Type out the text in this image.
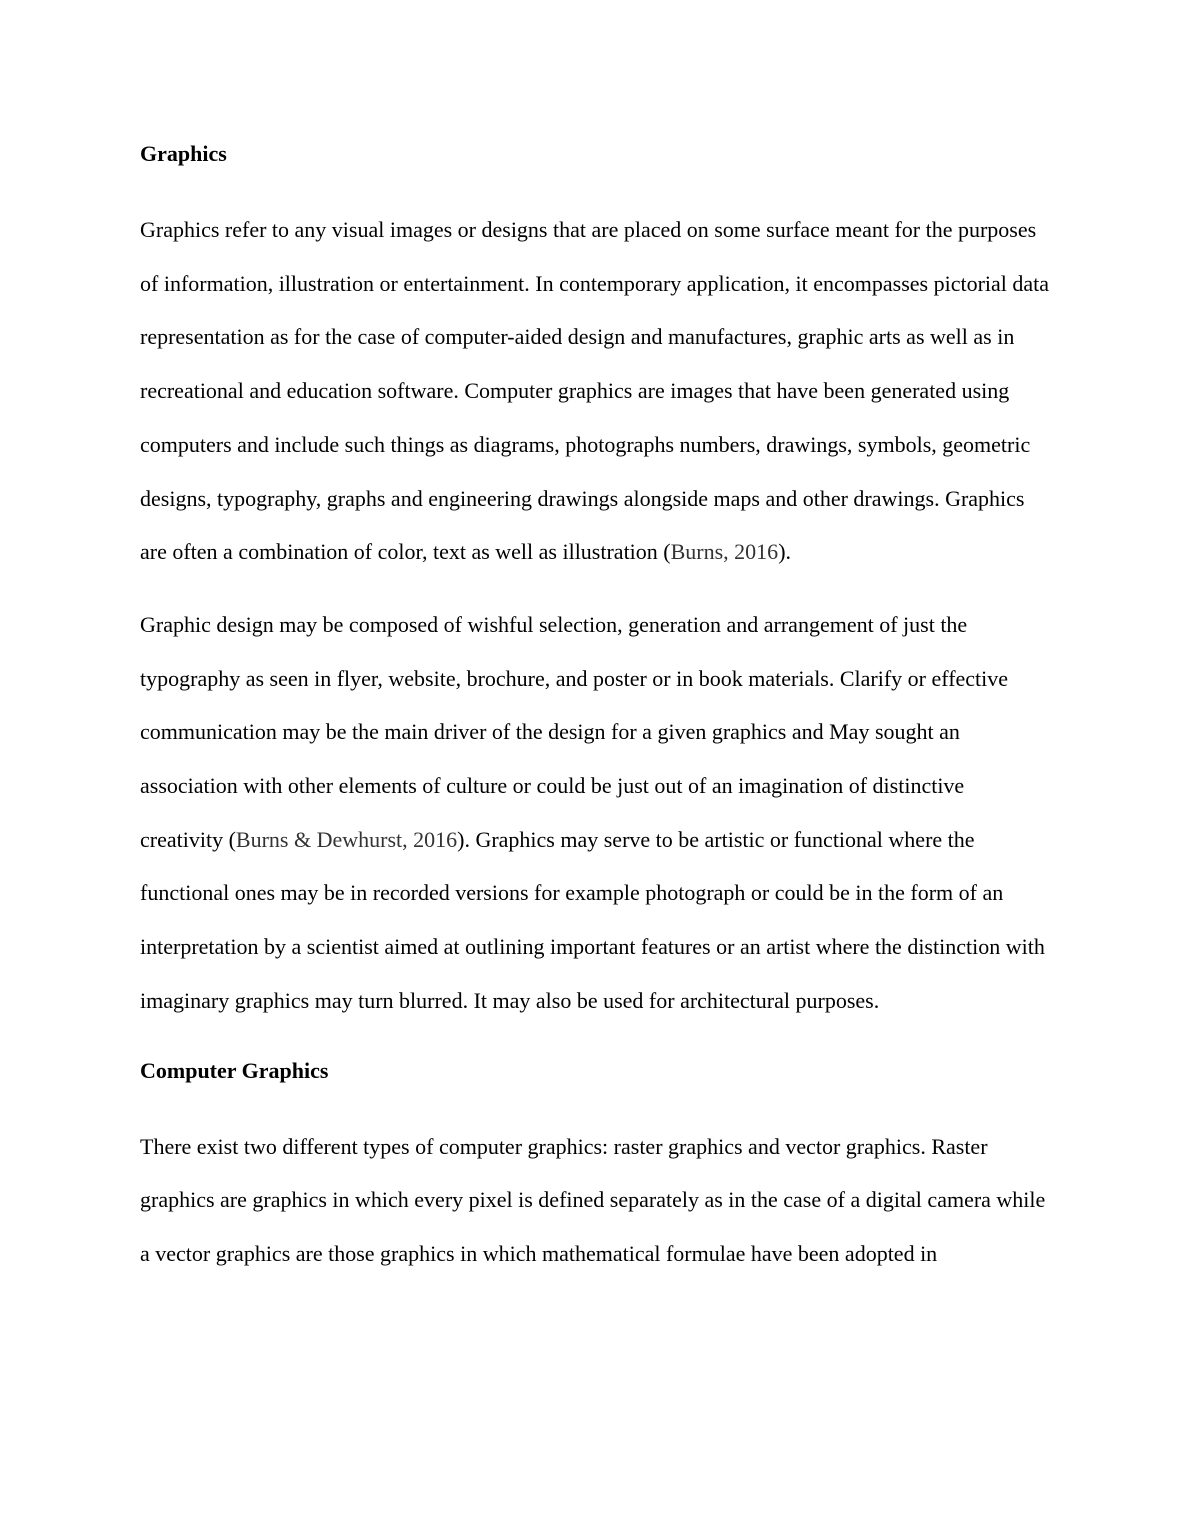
Graphics

Graphics refer to any visual images or designs that are placed on some surface meant for the purposes of information, illustration or entertainment. In contemporary application, it encompasses pictorial data representation as for the case of computer-aided design and manufactures, graphic arts as well as in recreational and education software. Computer graphics are images that have been generated using computers and include such things as diagrams, photographs numbers, drawings, symbols, geometric designs, typography, graphs and engineering drawings alongside maps and other drawings. Graphics are often a combination of color, text as well as illustration (Burns, 2016).

Graphic design may be composed of wishful selection, generation and arrangement of just the typography as seen in flyer, website, brochure, and poster or in book materials. Clarify or effective communication may be the main driver of the design for a given graphics and May sought an association with other elements of culture or could be just out of an imagination of distinctive creativity (Burns & Dewhurst, 2016). Graphics may serve to be artistic or functional where the functional ones may be in recorded versions for example photograph or could be in the form of an interpretation by a scientist aimed at outlining important features or an artist where the distinction with imaginary graphics may turn blurred. It may also be used for architectural purposes.

Computer Graphics

There exist two different types of computer graphics: raster graphics and vector graphics. Raster graphics are graphics in which every pixel is defined separately as in the case of a digital camera while a vector graphics are those graphics in which mathematical formulae have been adopted in
